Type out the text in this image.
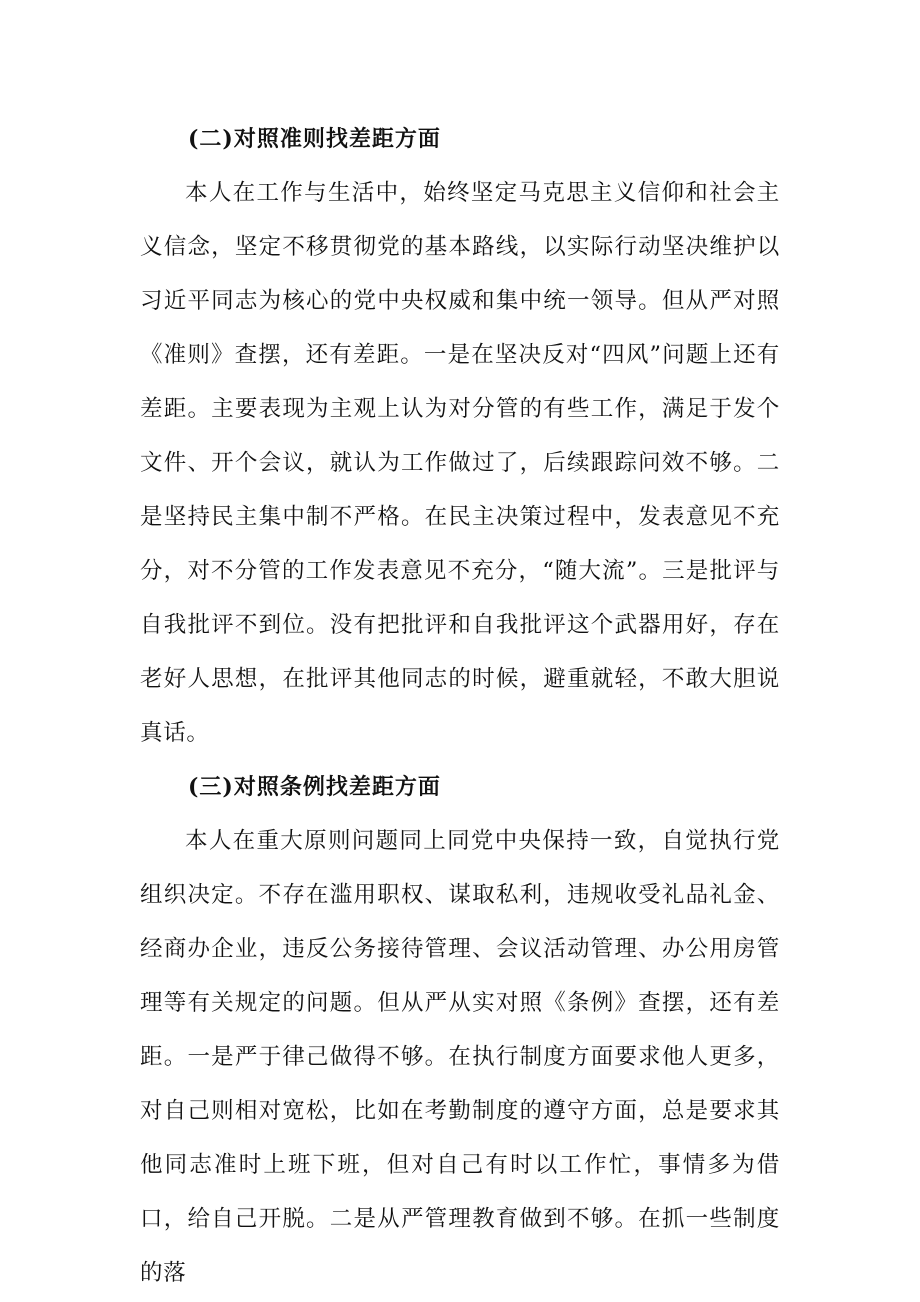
(二)对照准则找差距方面

本人在工作与生活中，始终坚定马克思主义信仰和社会主义信念，坚定不移贯彻党的基本路线，以实际行动坚决维护以习近平同志为核心的党中央权威和集中统一领导。但从严对照《准则》查摆，还有差距。一是在坚决反对“四风”问题上还有差距。主要表现为主观上认为对分管的有些工作，满足于发个文件、开个会议，就认为工作做过了，后续跟踪问效不够。二是坚持民主集中制不严格。在民主决策过程中，发表意见不充分，对不分管的工作发表意见不充分，“随大流”。三是批评与自我批评不到位。没有把批评和自我批评这个武器用好，存在老好人思想，在批评其他同志的时候，避重就轻，不敢大胆说真话。

(三)对照条例找差距方面

本人在重大原则问题同上同党中央保持一致，自觉执行党组织决定。不存在滥用职权、谋取私利，违规收受礼品礼金、经商办企业，违反公务接待管理、会议活动管理、办公用房管理等有关规定的问题。但从严从实对照《条例》查摆，还有差距。一是严于律己做得不够。在执行制度方面要求他人更多，对自己则相对宽松，比如在考勤制度的遵守方面，总是要求其他同志准时上班下班，但对自己有时以工作忙，事情多为借口，给自己开脱。二是从严管理教育做到不够。在抓一些制度的落
